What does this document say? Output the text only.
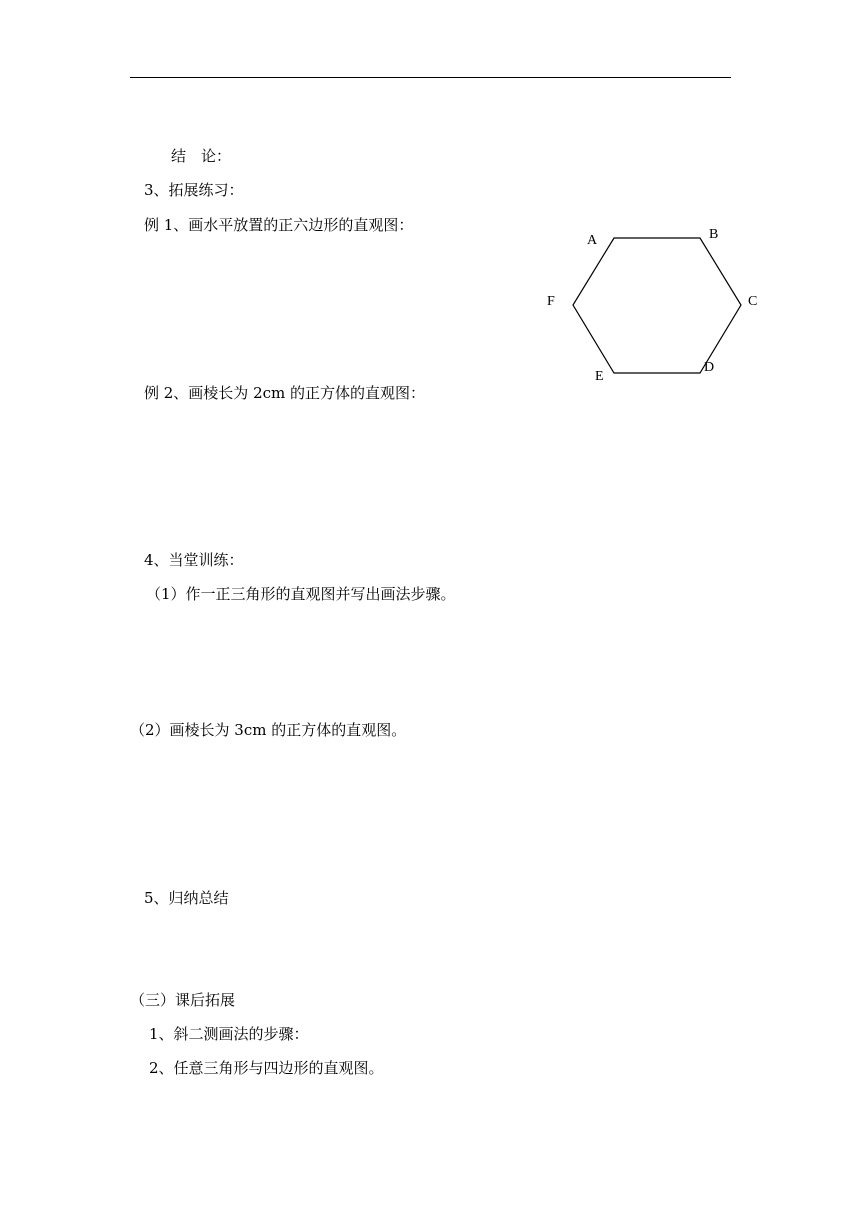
结　论：
3、拓展练习：
例 1、画水平放置的正六边形的直观图：
A	B
C
D
E
F
例 2、画棱长为 2cm 的正方体的直观图：
4、当堂训练：
（1）作一正三角形的直观图并写出画法步骤。
（2）画棱长为 3cm 的正方体的直观图。
5、归纳总结
（三）课后拓展
1、斜二测画法的步骤：
2、任意三角形与四边形的直观图。
